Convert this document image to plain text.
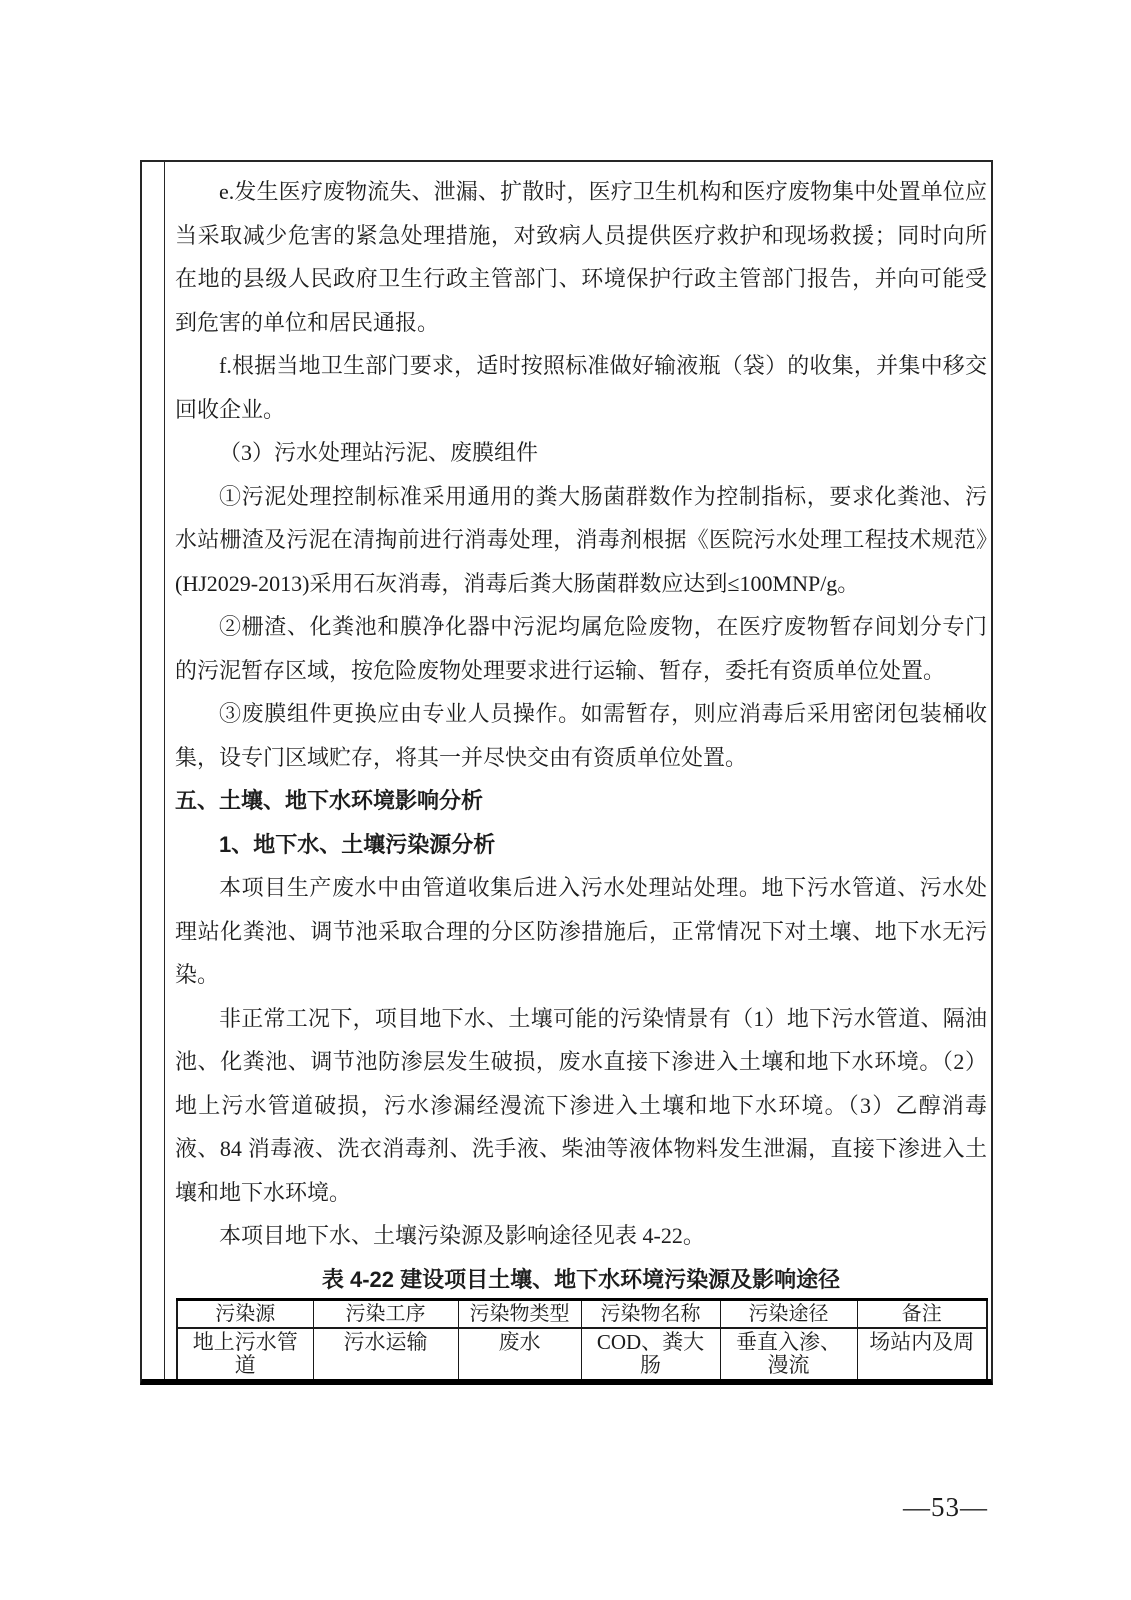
e.发生医疗废物流失、泄漏、扩散时，医疗卫生机构和医疗废物集中处置单位应当采取减少危害的紧急处理措施，对致病人员提供医疗救护和现场救援；同时向所在地的县级人民政府卫生行政主管部门、环境保护行政主管部门报告，并向可能受到危害的单位和居民通报。

f.根据当地卫生部门要求，适时按照标准做好输液瓶（袋）的收集，并集中移交回收企业。

（3）污水处理站污泥、废膜组件

①污泥处理控制标准采用通用的粪大肠菌群数作为控制指标，要求化粪池、污水站栅渣及污泥在清掏前进行消毒处理，消毒剂根据《医院污水处理工程技术规范》(HJ2029-2013)采用石灰消毒，消毒后粪大肠菌群数应达到≤100MNP/g。

②栅渣、化粪池和膜净化器中污泥均属危险废物，在医疗废物暂存间划分专门的污泥暂存区域，按危险废物处理要求进行运输、暂存，委托有资质单位处置。

③废膜组件更换应由专业人员操作。如需暂存，则应消毒后采用密闭包装桶收集，设专门区域贮存，将其一并尽快交由有资质单位处置。

五、土壤、地下水环境影响分析

1、地下水、土壤污染源分析

本项目生产废水中由管道收集后进入污水处理站处理。地下污水管道、污水处理站化粪池、调节池采取合理的分区防渗措施后，正常情况下对土壤、地下水无污染。

非正常工况下，项目地下水、土壤可能的污染情景有（1）地下污水管道、隔油池、化粪池、调节池防渗层发生破损，废水直接下渗进入土壤和地下水环境。（2）地上污水管道破损，污水渗漏经漫流下渗进入土壤和地下水环境。（3）乙醇消毒液、84 消毒液、洗衣消毒剂、洗手液、柴油等液体物料发生泄漏，直接下渗进入土壤和地下水环境。

本项目地下水、土壤污染源及影响途径见表 4-22。

表 4-22 建设项目土壤、地下水环境污染源及影响途径
污染源	污染工序	污染物类型	污染物名称	污染途径	备注
地上污水管道	污水运输	废水	COD、粪大肠	垂直入渗、漫流	场站内及周
—53—
